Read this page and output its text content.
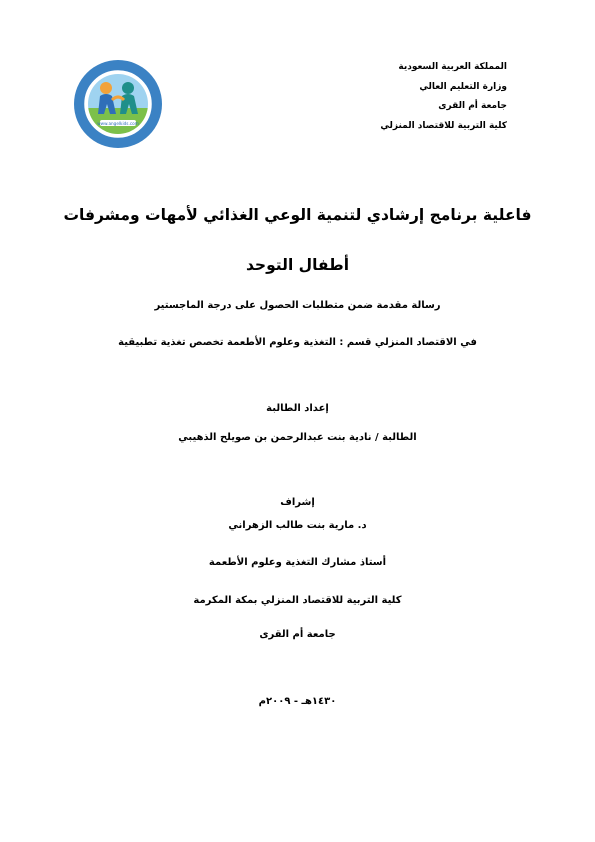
www.angelkids.com
المملكة العربية السعودية
وزارة التعليم العالي
جامعة أم القرى
كلية التربية للاقتصاد المنزلي
فاعلية برنامج إرشادي لتنمية الوعي الغذائي لأمهات ومشرفات
أطفال التوحد
رسالة مقدمة ضمن متطلبات الحصول على درجة الماجستير
في الاقتصاد المنزلي قسم : التغذية وعلوم الأطعمة تخصص تغذية تطبيقية
إعداد الطالبة
الطالبة / نادية بنت عبدالرحمن بن صويلح الذهيبي
إشراف
د. مارية بنت طالب الزهراني
أستاذ مشارك التغذية وعلوم الأطعمة
كلية التربية للاقتصاد المنزلي بمكة المكرمة
جامعة أم القرى
١٤٣٠هـ - ٢٠٠٩م
